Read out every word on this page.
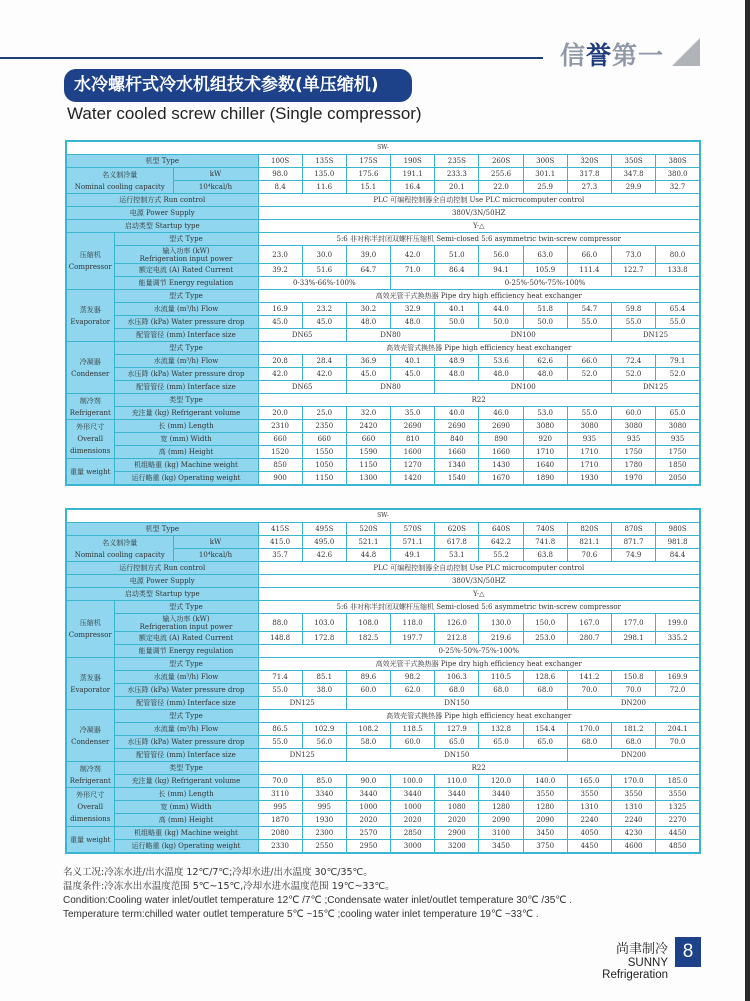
信誉第一
水冷螺杆式冷水机组技术参数(单压缩机)
Water cooled screw chiller (Single compressor)
SW-												
机型 Type			100S	135S	175S	190S	235S	260S	300S	320S	350S	380S
名义制冷量
Nominal cooling capacity		kW	98.0	135.0	175.6	191.1	233.3	255.6	301.1	317.8	347.8	380.0
		10⁴kcal/h	8.4	11.6	15.1	16.4	20.1	22.0	25.9	27.3	29.9	32.7
运行控制方式 Run control			PLC 可编程控制器全自动控制 Use PLC microcomputer control									
电源 Power Supply			380V/3N/50HZ									
启动类型 Startup type			Y-△									
压缩机
Compressor	型式 Type		5:6 非对称半封闭双螺杆压缩机 Semi-closed 5:6 asymmetric twin-screw compressor									
	输入功率 (kW)
Refrigeration input power		23.0	30.0	39.0	42.0	51.0	56.0	63.0	66.0	73.0	80.0
	额定电流 (A) Rated Current		39.2	51.6	64.7	71.0	86.4	94.1	105.9	111.4	122.7	133.8
	能量调节 Energy regulation		0-33%-66%-100%			0-25%-50%-75%-100%						
蒸发器
Evaporator	型式 Type		高效光管干式换热器 Pipe dry high efficiency heat exchanger									
	水流量 (m³/h) Flow		16.9	23.2	30.2	32.9	40.1	44.0	51.8	54.7	59.8	65.4
	水压降 (kPa) Water pressure drop		45.0	45.0	48.0	48.0	50.0	50.0	50.0	55.0	55.0	55.0
	配管管径 (mm) Interface size		DN65		DN80		DN100				DN125	
冷凝器
Condenser	型式 Type		高效壳管式换热器 Pipe high efficiency heat exchanger									
	水流量 (m³/h) Flow		20.8	28.4	36.9	40.1	48.9	53.6	62.6	66.0	72.4	79.1
	水压降 (kPa) Water pressure drop		42.0	42.0	45.0	45.0	48.0	48.0	48.0	52.0	52.0	52.0
	配管管径 (mm) Interface size		DN65		DN80		DN100				DN125	
制冷剂
Refrigerant	类型 Type		R22									
	充注量 (kg) Refrigerant volume		20.0	25.0	32.0	35.0	40.0	46.0	53.0	55.0	60.0	65.0
外形尺寸
Overall
dimensions	长 (mm) Length		2310	2350	2420	2690	2690	2690	3080	3080	3080	3080
	宽 (mm) Width		660	660	660	810	840	890	920	935	935	935
	高 (mm) Height		1520	1550	1590	1600	1660	1660	1710	1710	1750	1750
重量 weight	机组略重 (kg) Machine weight		850	1050	1150	1270	1340	1430	1640	1710	1780	1850
	运行略重 (kg) Operating weight		900	1150	1300	1420	1540	1670	1890	1930	1970	2050
SW-												
机型 Type			415S	495S	520S	570S	620S	640S	740S	820S	870S	980S
名义制冷量
Nominal cooling capacity		kW	415.0	495.0	521.1	571.1	617.8	642.2	741.8	821.1	871.7	981.8
		10⁴kcal/h	35.7	42.6	44.8	49.1	53.1	55.2	63.8	70.6	74.9	84.4
运行控制方式 Run control			PLC 可编程控制器全自动控制 Use PLC microcomputer control									
电源 Power Supply			380V/3N/50HZ									
启动类型 Startup type			Y-△									
压缩机
Compressor	型式 Type		5:6 非对称半封闭双螺杆压缩机 Semi-closed 5:6 asymmetric twin-screw compressor									
	输入功率 (kW)
Refrigeration input power		88.0	103.0	108.0	118.0	126.0	130.0	150.0	167.0	177.0	199.0
	额定电流 (A) Rated Current		148.8	172.8	182.5	197.7	212.8	219.6	253.0	280.7	298.1	335.2
	能量调节 Energy regulation		0-25%-50%-75%-100%									
蒸发器
Evaporator	型式 Type		高效光管干式换热器 Pipe dry high efficiency heat exchanger									
	水流量 (m³/h) Flow		71.4	85.1	89.6	98.2	106.3	110.5	128.6	141.2	150.8	169.9
	水压降 (kPa) Water pressure drop		55.0	38.0	60.0	62.0	68.0	68.0	68.0	70.0	70.0	72.0
	配管管径 (mm) Interface size		DN125		DN150					DN200		
冷凝器
Condenser	型式 Type		高效壳管式换热器 Pipe high efficiency heat exchanger									
	水流量 (m³/h) Flow		86.5	102.9	108.2	118.5	127.9	132.8	154.4	170.0	181.2	204.1
	水压降 (kPa) Water pressure drop		55.0	56.0	58.0	60.0	65.0	65.0	65.0	68.0	68.0	70.0
	配管管径 (mm) Interface size		DN125		DN150					DN200		
制冷剂
Refrigerant	类型 Type		R22									
	充注量 (kg) Refrigerant volume		70.0	85.0	90.0	100.0	110.0	120.0	140.0	165.0	170.0	185.0
外形尺寸
Overall
dimensions	长 (mm) Length		3110	3340	3440	3440	3440	3440	3550	3550	3550	3550
	宽 (mm) Width		995	995	1000	1000	1080	1280	1280	1310	1310	1325
	高 (mm) Height		1870	1930	2020	2020	2020	2090	2090	2240	2240	2270
重量 weight	机组略重 (kg) Machine weight		2080	2300	2570	2850	2900	3100	3450	4050	4230	4450
	运行略重 (kg) Operating weight		2330	2550	2950	3000	3200	3450	3750	4450	4600	4850
名义工况:冷冻水进/出水温度 12℃/7℃;冷却水进/出水温度 30℃/35℃。
温度条件:冷冻水出水温度范围 5℃~15℃,冷却水进水温度范围 19℃~33℃。
Condition:Cooling water inlet/outlet temperature 12℃ /7℃ ;Condensate water inlet/outlet temperature 30℃ /35℃ .
Temperature term:chilled water outlet temperature 5℃ ~15℃ ;cooling water inlet temperature 19℃ ~33℃ .
尚聿制冷
SUNNY Refrigeration
8
